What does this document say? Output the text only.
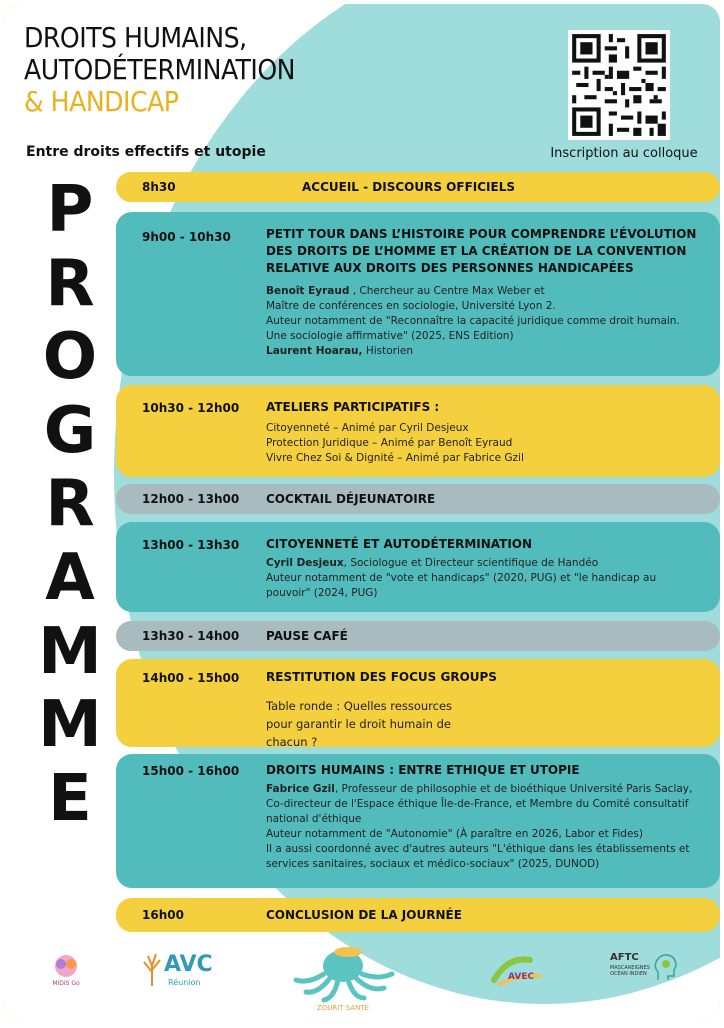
DROITS HUMAINS,
AUTODÉTERMINATION
& HANDICAP
Entre droits effectifs et utopie	Inscription au colloque
P
R
O
G
R
A
M
M
E
8h30	ACCUEIL - DISCOURS OFFICIELS
9h00 - 10h30	PETIT TOUR DANS L’HISTOIRE POUR COMPRENDRE L’ÉVOLUTION DES DROITS DE L’HOMME ET LA CRÉATION DE LA CONVENTION RELATIVE AUX DROITS DES PERSONNES HANDICAPÉES
Benoît Eyraud , Chercheur au Centre Max Weber et
Maître de conférences en sociologie, Université Lyon 2.
Auteur notamment de "Reconnaître la capacité juridique comme droit humain. Une sociologie affirmative" (2025, ENS Edition)
Laurent Hoarau, Historien
10h30 - 12h00 ATELIERS PARTICIPATIFS :
Citoyenneté – Animé par Cyril Desjeux
Protection Juridique – Animé par Benoît Eyraud
Vivre Chez Soi & Dignité – Animé par Fabrice Gzil
12h00 - 13h00 COCKTAIL DÉJEUNATOIRE
13h00 - 13h30 CITOYENNETÉ ET AUTODÉTERMINATION
Cyril Desjeux, Sociologue et Directeur scientifique de Handéo
Auteur notamment de "vote et handicaps" (2020, PUG) et "le handicap au pouvoir" (2024, PUG)
13h30 - 14h00 PAUSE CAFÉ
14h00 - 15h00 RESTITUTION DES FOCUS GROUPS
Table ronde : Quelles ressources pour garantir le droit humain de chacun ?
15h00 - 16h00 DROITS HUMAINS : ENTRE ETHIQUE ET UTOPIE
Fabrice Gzil, Professeur de philosophie et de bioéthique Université Paris Saclay, Co-directeur de l'Espace éthique Île-de-France, et Membre du Comité consultatif national d'éthique
Auteur notamment de "Autonomie" (À paraître en 2026, Labor et Fides)
Il a aussi coordonné avec d'autres auteurs "L'éthique dans les établissements et services sanitaires, sociaux et médico-sociaux" (2025, DUNOD)
16h00	CONCLUSION DE LA JOURNÉE
MIDIS Go
AVC
Réunion
ZOURIT SANTE
AVEC
AFTC
MASCAREIGNES
OCÉAN INDIEN
